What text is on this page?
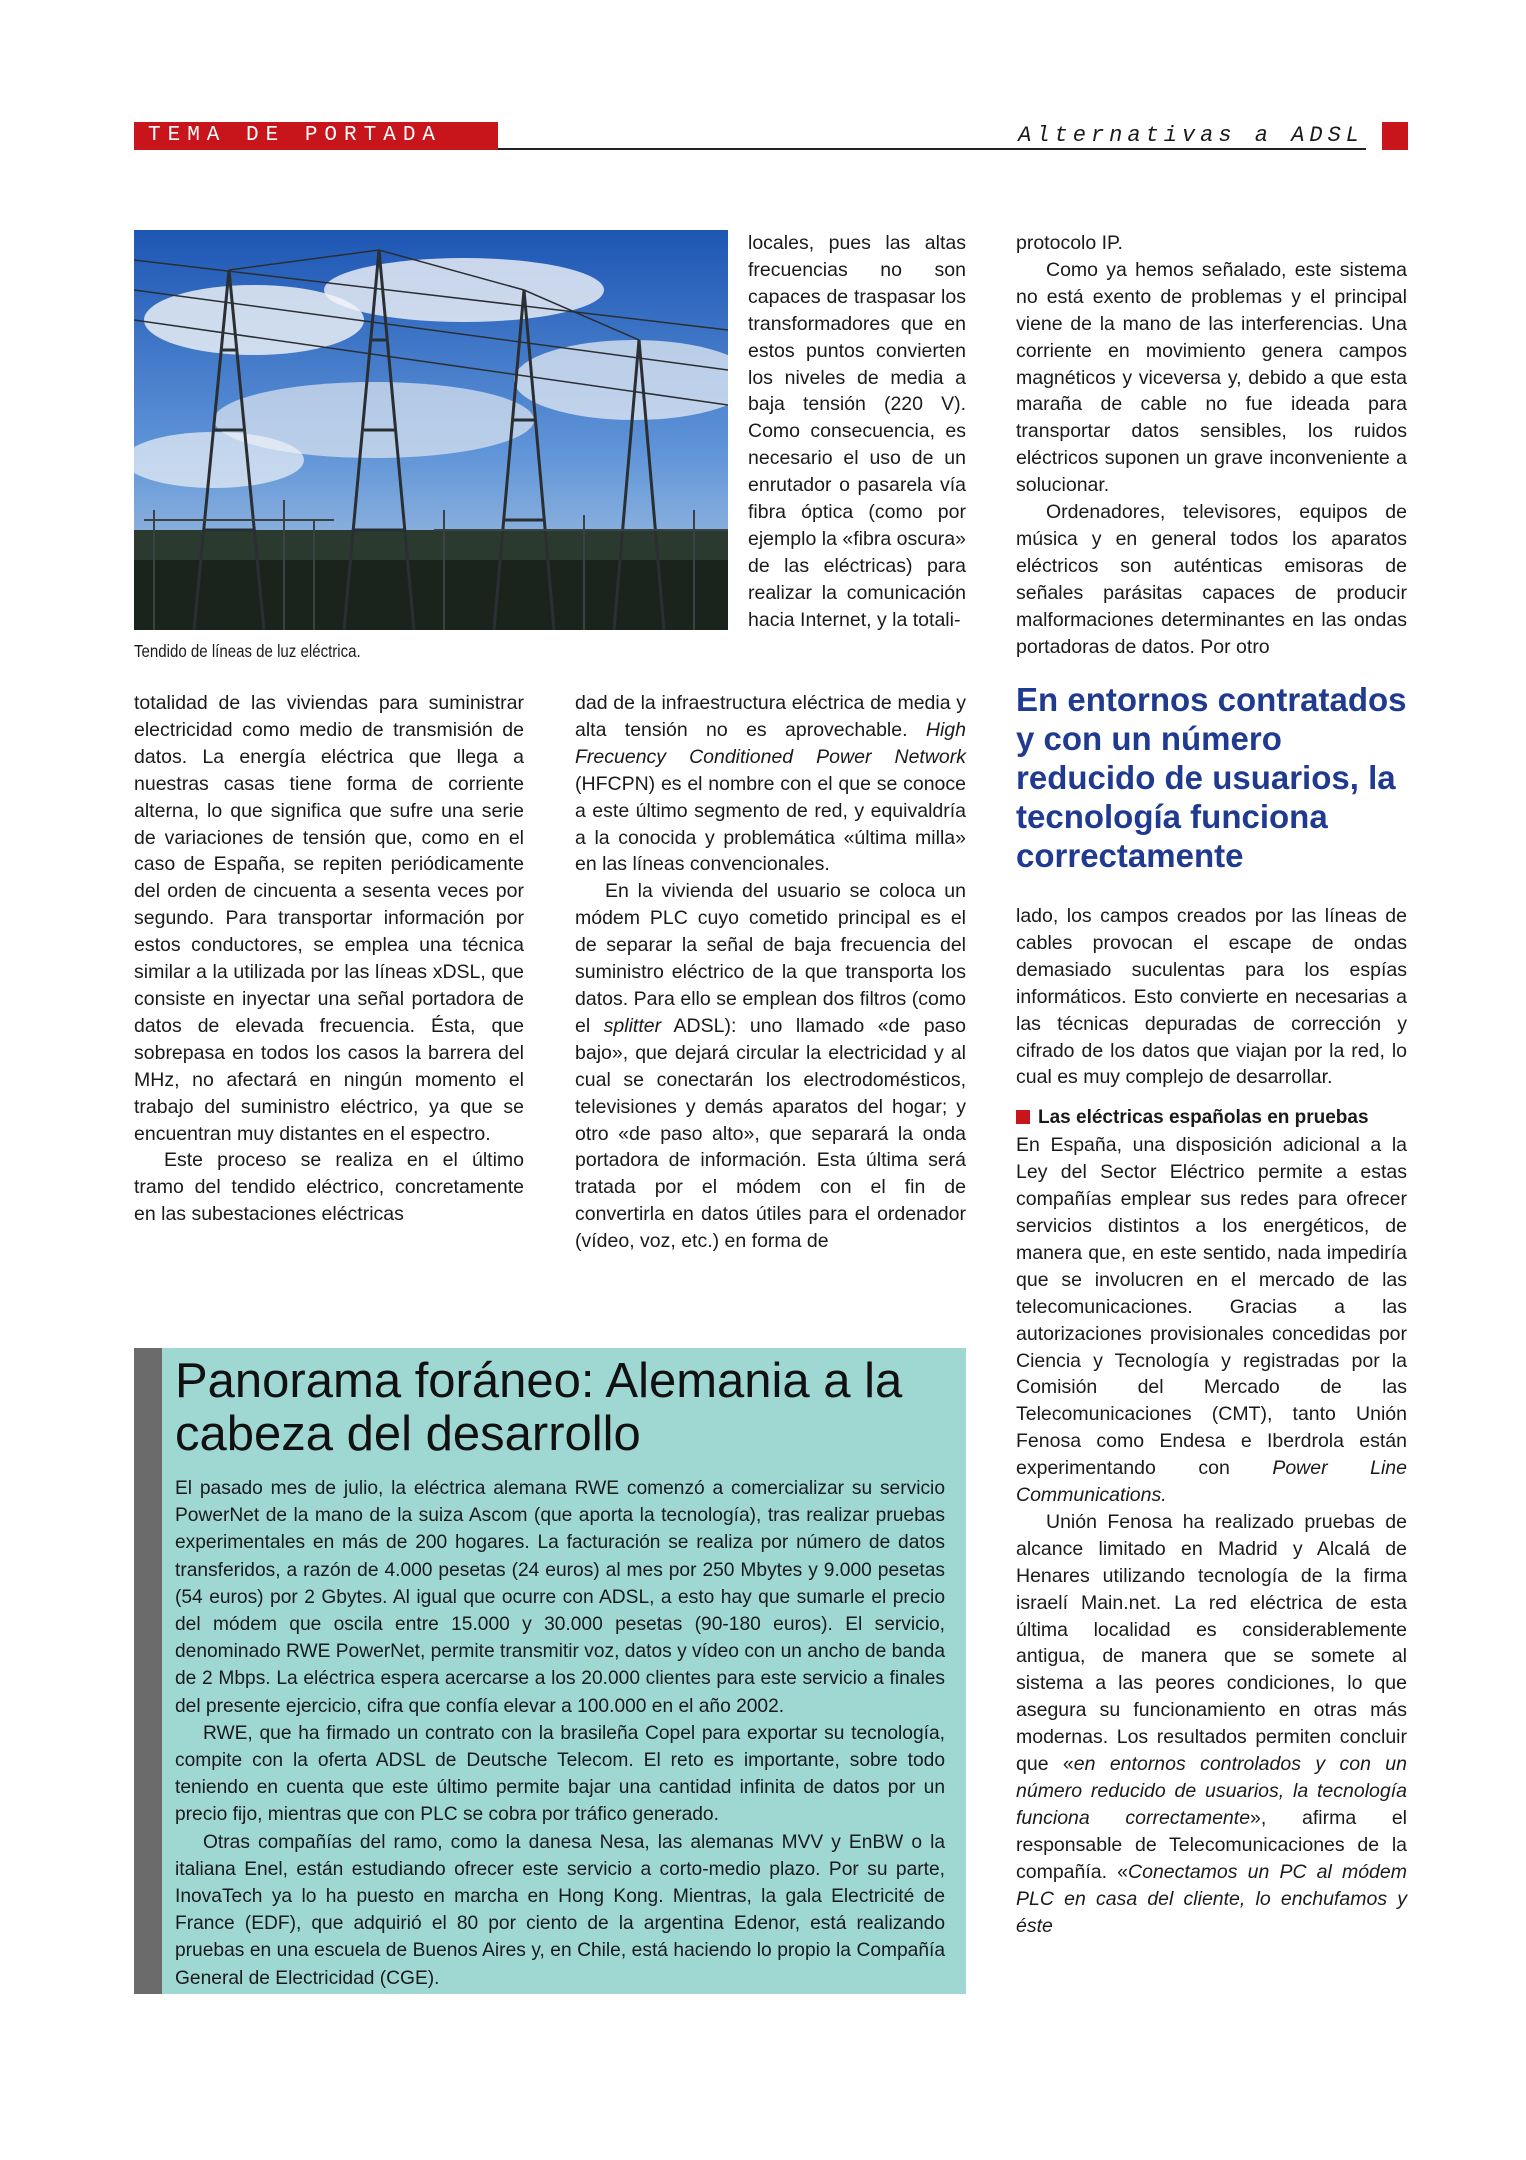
TEMA DE PORTADA	Alternativas a ADSL
Tendido de líneas de luz eléctrica.

totalidad de las viviendas para suministrar electricidad como medio de transmisión de datos. La energía eléctrica que llega a nuestras casas tiene forma de corriente alterna, lo que significa que sufre una serie de variaciones de tensión que, como en el caso de España, se repiten periódicamente del orden de cincuenta a sesenta veces por segundo. Para transportar información por estos conductores, se emplea una técnica similar a la utilizada por las líneas xDSL, que consiste en inyectar una señal portadora de datos de elevada frecuencia. Ésta, que sobrepasa en todos los casos la barrera del MHz, no afectará en ningún momento el trabajo del suministro eléctrico, ya que se encuentran muy distantes en el espectro.

Este proceso se realiza en el último tramo del tendido eléctrico, concretamente en las subestaciones eléctricas

locales, pues las altas frecuencias no son capaces de traspasar los transformadores que en estos puntos convierten los niveles de media a baja tensión (220 V). Como consecuencia, es necesario el uso de un enrutador o pasarela vía fibra óptica (como por ejemplo la «fibra oscura» de las eléctricas) para realizar la comunicación hacia Internet, y la totali-

dad de la infraestructura eléctrica de media y alta tensión no es aprovechable. High Frecuency Conditioned Power Network (HFCPN) es el nombre con el que se conoce a este último segmento de red, y equivaldría a la conocida y problemática «última milla» en las líneas convencionales.

En la vivienda del usuario se coloca un módem PLC cuyo cometido principal es el de separar la señal de baja frecuencia del suministro eléctrico de la que transporta los datos. Para ello se emplean dos filtros (como el splitter ADSL): uno llamado «de paso bajo», que dejará circular la electricidad y al cual se conectarán los electrodomésticos, televisiones y demás aparatos del hogar; y otro «de paso alto», que separará la onda portadora de información. Esta última será tratada por el módem con el fin de convertirla en datos útiles para el ordenador (vídeo, voz, etc.) en forma de

protocolo IP.

Como ya hemos señalado, este sistema no está exento de problemas y el principal viene de la mano de las interferencias. Una corriente en movimiento genera campos magnéticos y viceversa y, debido a que esta maraña de cable no fue ideada para transportar datos sensibles, los ruidos eléctricos suponen un grave inconveniente a solucionar.

Ordenadores, televisores, equipos de música y en general todos los aparatos eléctricos son auténticas emisoras de señales parásitas capaces de producir malformaciones determinantes en las ondas portadoras de datos. Por otro

En entornos contratados y con un número reducido de usuarios, la tecnología funciona correctamente

lado, los campos creados por las líneas de cables provocan el escape de ondas demasiado suculentas para los espías informáticos. Esto convierte en necesarias a las técnicas depuradas de corrección y cifrado de los datos que viajan por la red, lo cual es muy complejo de desarrollar.

Las eléctricas españolas en pruebas

En España, una disposición adicional a la Ley del Sector Eléctrico permite a estas compañías emplear sus redes para ofrecer servicios distintos a los energéticos, de manera que, en este sentido, nada impediría que se involucren en el mercado de las telecomunicaciones. Gracias a las autorizaciones provisionales concedidas por Ciencia y Tecnología y registradas por la Comisión del Mercado de las Telecomunicaciones (CMT), tanto Unión Fenosa como Endesa e Iberdrola están experimentando con Power Line Communications.

Unión Fenosa ha realizado pruebas de alcance limitado en Madrid y Alcalá de Henares utilizando tecnología de la firma israelí Main.net. La red eléctrica de esta última localidad es considerablemente antigua, de manera que se somete al sistema a las peores condiciones, lo que asegura su funcionamiento en otras más modernas. Los resultados permiten concluir que «en entornos controlados y con un número reducido de usuarios, la tecnología funciona correctamente», afirma el responsable de Telecomunicaciones de la compañía. «Conectamos un PC al módem PLC en casa del cliente, lo enchufamos y éste

Panorama foráneo: Alemania a la cabeza del desarrollo

El pasado mes de julio, la eléctrica alemana RWE comenzó a comercializar su servicio PowerNet de la mano de la suiza Ascom (que aporta la tecnología), tras realizar pruebas experimentales en más de 200 hogares. La facturación se realiza por número de datos transferidos, a razón de 4.000 pesetas (24 euros) al mes por 250 Mbytes y 9.000 pesetas (54 euros) por 2 Gbytes. Al igual que ocurre con ADSL, a esto hay que sumarle el precio del módem que oscila entre 15.000 y 30.000 pesetas (90-180 euros). El servicio, denominado RWE PowerNet, permite transmitir voz, datos y vídeo con un ancho de banda de 2 Mbps. La eléctrica espera acercarse a los 20.000 clientes para este servicio a finales del presente ejercicio, cifra que confía elevar a 100.000 en el año 2002.

RWE, que ha firmado un contrato con la brasileña Copel para exportar su tecnología, compite con la oferta ADSL de Deutsche Telecom. El reto es importante, sobre todo teniendo en cuenta que este último permite bajar una cantidad infinita de datos por un precio fijo, mientras que con PLC se cobra por tráfico generado.

Otras compañías del ramo, como la danesa Nesa, las alemanas MVV y EnBW o la italiana Enel, están estudiando ofrecer este servicio a corto-medio plazo. Por su parte, InovaTech ya lo ha puesto en marcha en Hong Kong. Mientras, la gala Electricité de France (EDF), que adquirió el 80 por ciento de la argentina Edenor, está realizando pruebas en una escuela de Buenos Aires y, en Chile, está haciendo lo propio la Compañía General de Electricidad (CGE).
